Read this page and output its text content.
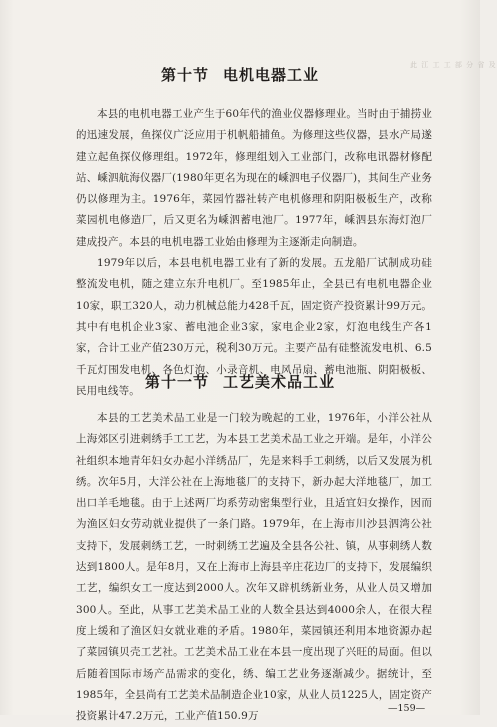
此 江 工 工 部 分 省 及
第十节 电机电器工业

本县的电机电器工业产生于60年代的渔业仪器修理业。当时由于捕捞业的迅速发展，鱼探仪广泛应用于机帆船捕鱼。为修理这些仪器，县水产局遂建立起鱼探仪修理组。1972年，修理组划入工业部门，改称电讯器材修配站、嵊泗航海仪器厂(1980年更名为现在的嵊泗电子仪器厂)，其间生产业务仍以修理为主。1976年，菜园竹器社转产电机修理和阴阳极板生产，改称菜园机电修造厂，后又更名为嵊泗蓄电池厂。1977年，嵊泗县东海灯泡厂建成投产。本县的电机电器工业始由修理为主逐渐走向制造。

1979年以后，本县电机电器工业有了新的发展。五龙船厂试制成功硅整流发电机，随之建立东升电机厂。至1985年止，全县已有电机电器企业10家，职工320人，动力机械总能力428千瓦，固定资产投资累计99万元。其中有电机企业3家、蓄电池企业3家，家电企业2家，灯泡电线生产各1家，合计工业产值230万元，税利30万元。主要产品有硅整流发电机、6.5千瓦灯围发电机、各色灯泡、小录音机、电风吊扇、蓄电池瓶、阴阳极板、民用电线等。 第十一节 工艺美术品工业

本县的工艺美术品工业是一门较为晚起的工业，1976年，小洋公社从上海郊区引进刺绣手工工艺，为本县工艺美术品工业之开端。是年，小洋公社组织本地青年妇女办起小洋绣品厂，先是来料手工刺绣，以后又发展为机绣。次年5月，大洋公社在上海地毯厂的支持下，新办起大洋地毯厂，加工出口羊毛地毯。由于上述两厂均系劳动密集型行业，且适宜妇女操作，因而为渔区妇女劳动就业提供了一条门路。1979年，在上海市川沙县泗湾公社支持下，发展刺绣工艺，一时刺绣工艺遍及全县各公社、镇，从事刺绣人数达到1800人。是年8月，又在上海市上海县辛庄花边厂的支持下，发展编织工艺，编织女工一度达到2000人。次年又辟机绣新业务，从业人员又增加300人。至此，从事工艺美术品工业的人数全县达到4000余人，在很大程度上缓和了渔区妇女就业难的矛盾。1980年，菜园镇还利用本地资源办起了菜园镇贝壳工艺社。工艺美术品工业在本县一度出现了兴旺的局面。但以后随着国际市场产品需求的变化，绣、编工艺业务逐渐减少。据统计，至1985年，全县尚有工艺美术品制造企业10家，从业人员1225人，固定资产投资累计47.2万元，工业产值150.9万

—159—
